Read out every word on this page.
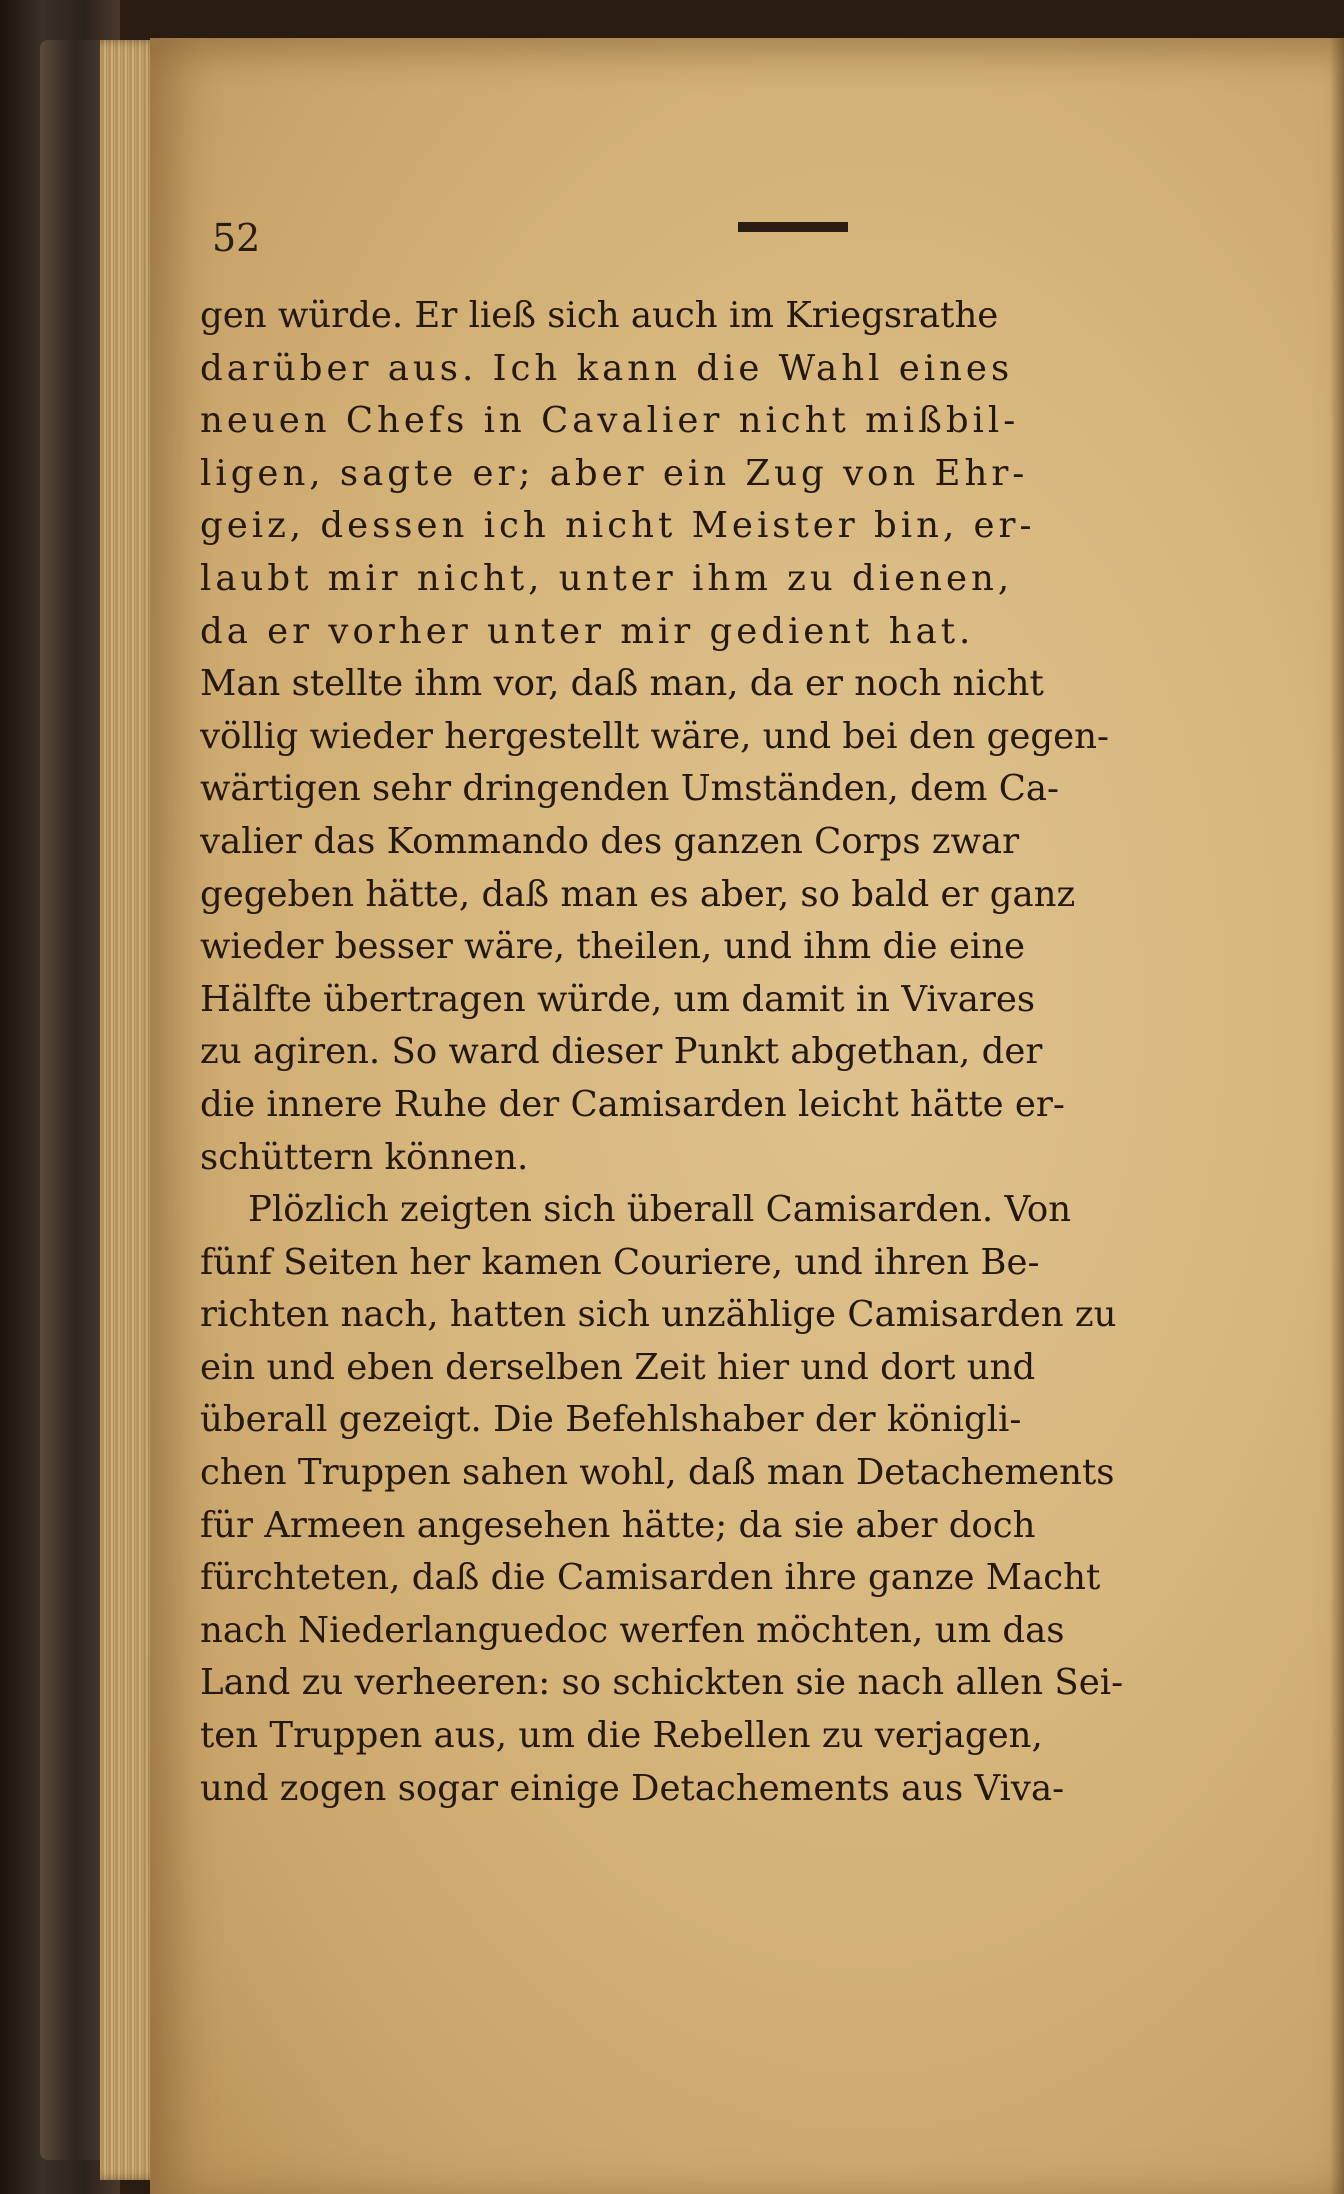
52

gen würde. Er ließ sich auch im Kriegsrathe
darüber aus. Ich kann die Wahl eines
neuen Chefs in Cavalier nicht mißbil-
ligen, sagte er; aber ein Zug von Ehr-
geiz, dessen ich nicht Meister bin, er-
laubt mir nicht, unter ihm zu dienen,
da er vorher unter mir gedient hat.
Man stellte ihm vor, daß man, da er noch nicht
völlig wieder hergestellt wäre, und bei den gegen-
wärtigen sehr dringenden Umständen, dem Ca-
valier das Kommando des ganzen Corps zwar
gegeben hätte, daß man es aber, so bald er ganz
wieder besser wäre, theilen, und ihm die eine
Hälfte übertragen würde, um damit in Vivares
zu agiren. So ward dieser Punkt abgethan, der
die innere Ruhe der Camisarden leicht hätte er-
schüttern können.
Plözlich zeigten sich überall Camisarden. Von
fünf Seiten her kamen Couriere, und ihren Be-
richten nach, hatten sich unzählige Camisarden zu
ein und eben derselben Zeit hier und dort und
überall gezeigt. Die Befehlshaber der königli-
chen Truppen sahen wohl, daß man Detachements
für Armeen angesehen hätte; da sie aber doch
fürchteten, daß die Camisarden ihre ganze Macht
nach Niederlanguedoc werfen möchten, um das
Land zu verheeren: so schickten sie nach allen Sei-
ten Truppen aus, um die Rebellen zu verjagen,
und zogen sogar einige Detachements aus Viva-
